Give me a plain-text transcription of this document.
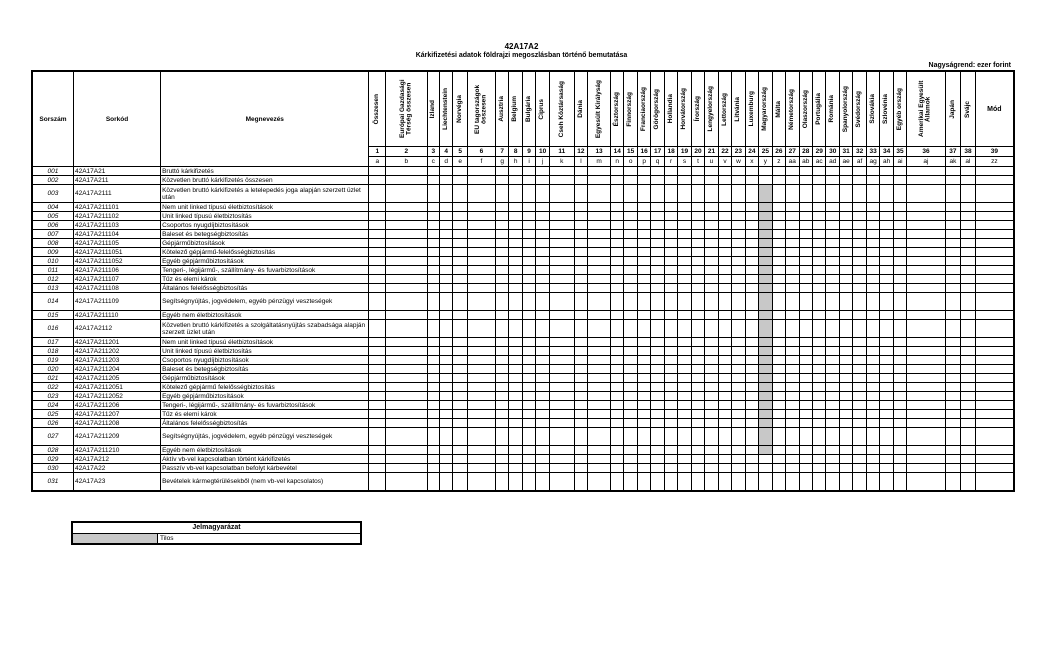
42A17A2
Kárkifizetési adatok földrajzi megoszlásban történő bemutatása
Nagyságrend: ezer forint
Sorszám	Sorkód	Megnevezés	Összesen	Európai Gazdasági Térség összesen	Izland	Liechtenstein	Norvégia	EU tagországok összesen	Ausztria	Belgium	Bulgária	Ciprus	Cseh Köztársaság	Dánia	Egyesült Királyság	Észtország	Finnország	Franciaország	Görögország	Hollandia	Horvátország	Írország	Lengyelország	Lettország	Litvánia	Luxemburg	Magyarország	Málta	Németország	Olaszország	Portugália	Románia	Spanyolország	Svédország	Szlovákia	Szlovénia	Egyéb ország	Amerikai Egyesült Államok	Japán	Svájc	Mód
			1	2	3	4	5	6	7	8	9	10	11	12	13	14	15	16	17	18	19	20	21	22	23	24	25	26	27	28	29	30	31	32	33	34	35	36	37	38	39
			a	b	c	d	e	f	g	h	i	j	k	l	m	n	o	p	q	r	s	t	u	v	w	x	y	z	aa	ab	ac	ad	ae	af	ag	ah	ai	aj	ak	al	zz
001	42A17A21	Bruttó kárkifizetés																																							
002	42A17A211	Közvetlen bruttó kárkifizetés összesen																																							
003	42A17A2111	Közvetlen bruttó kárkifizetés a letelepedés joga alapján szerzett üzlet után																																							
004	42A17A211101	Nem unit linked típusú életbiztosítások																																							
005	42A17A211102	Unit linked típusú életbiztosítás																																							
006	42A17A211103	Csoportos nyugdíjbiztosítások																																							
007	42A17A211104	Baleset és betegségbiztosítás																																							
008	42A17A211105	Gépjárműbiztosítások																																							
009	42A17A2111051	Kötelező gépjármű-felelősségbiztosítás																																							
010	42A17A2111052	Egyéb gépjárműbiztosítások																																							
011	42A17A211106	Tengeri-, légijármű-, szállítmány- és fuvarbiztosítások																																							
012	42A17A211107	Tűz és elemi károk																																							
013	42A17A211108	Általános felelősségbiztosítás																																							
014	42A17A211109	Segítségnyújtás, jogvédelem, egyéb pénzügyi veszteségek																																							
015	42A17A211110	Egyéb nem életbiztosítások																																							
016	42A17A2112	Közvetlen bruttó kárkifizetés a szolgáltatásnyújtás szabadsága alapján szerzett üzlet után																																							
017	42A17A211201	Nem unit linked típusú életbiztosítások																																							
018	42A17A211202	Unit linked típusú életbiztosítás																																							
019	42A17A211203	Csoportos nyugdíjbiztosítások																																							
020	42A17A211204	Baleset és betegségbiztosítás																																							
021	42A17A211205	Gépjárműbiztosítások																																							
022	42A17A2112051	Kötelező gépjármű felelősségbiztosítás																																							
023	42A17A2112052	Egyéb gépjárműbiztosítások																																							
024	42A17A211206	Tengeri-, légijármű-, szállítmány- és fuvarbiztosítások																																							
025	42A17A211207	Tűz és elemi károk																																							
026	42A17A211208	Általános felelősségbiztosítás																																							
027	42A17A211209	Segítségnyújtás, jogvédelem, egyéb pénzügyi veszteségek																																							
028	42A17A211210	Egyéb nem életbiztosítások																																							
029	42A17A212	Aktív vb-vel kapcsolatban történt kárkifizetés																																							
030	42A17A22	Passzív vb-vel kapcsolatban befolyt kárbevétel																																							
031	42A17A23	Bevételek kármegtérülésekből (nem vb-vel kapcsolatos)																																							
Jelmagyarázat
Tilos
